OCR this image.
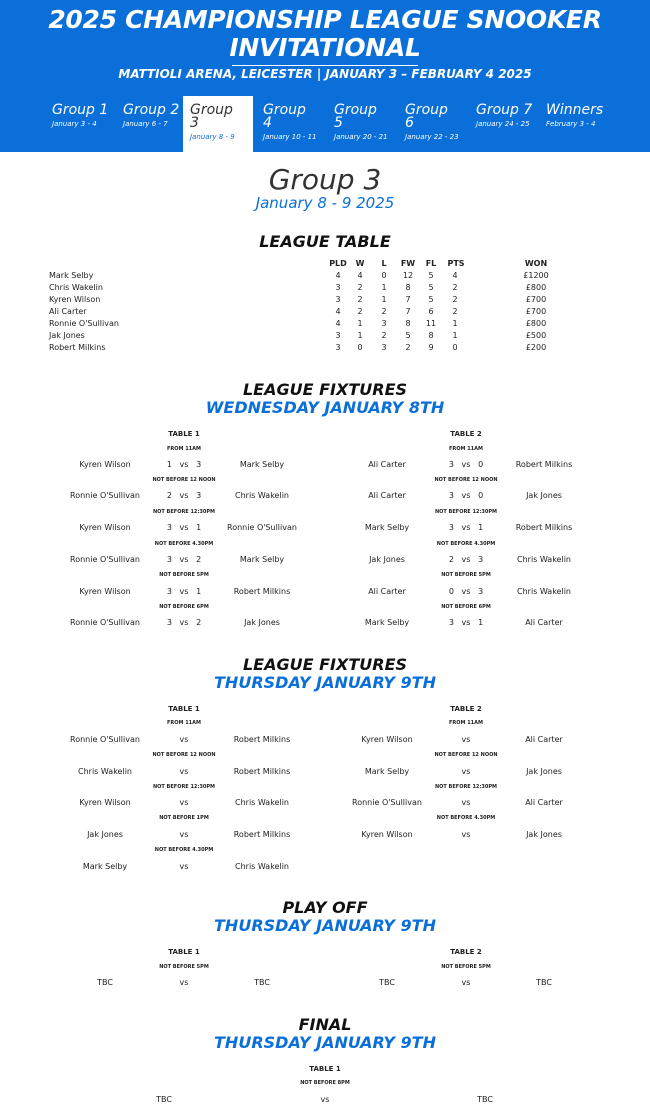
2025 CHAMPIONSHIP LEAGUE SNOOKER
INVITATIONAL
MATTIOLI ARENA, LEICESTER | JANUARY 3 – FEBRUARY 4 2025
Group 1
January 3 - 4
Group 2
January 6 - 7
Group 3
January 8 - 9
Group 4
January 10 - 11
Group 5
January 20 - 21
Group 6
January 22 - 23
Group 7
January 24 - 25
Winners
February 3 - 4
Group 3
January 8 - 9 2025
LEAGUE TABLE
PLD	W	L	FW	FL	PTS	WON
Mark Selby	4	4	0	12	5	4	£1200
Chris Wakelin	3	2	1	8	5	2	£800
Kyren Wilson	3	2	1	7	5	2	£700
Ali Carter	4	2	2	7	6	2	£700
Ronnie O'Sullivan	4	1	3	8	11	1	£800
Jak Jones	3	1	2	5	8	1	£500
Robert Milkins	3	0	3	2	9	0	£200
LEAGUE FIXTURES
WEDNESDAY JANUARY 8TH
TABLE 1	TABLE 2
FROM 11AM
Kyren Wilson	1 vs 3	Mark Selby
NOT BEFORE 12 NOON
Ronnie O'Sullivan	2 vs 3	Chris Wakelin
NOT BEFORE 12:30PM
Kyren Wilson	3 vs 1	Ronnie O'Sullivan
NOT BEFORE 4.30PM
Ronnie O'Sullivan	3 vs 2	Mark Selby
NOT BEFORE 5PM
Kyren Wilson	3 vs 1	Robert Milkins
NOT BEFORE 6PM
Ronnie O'Sullivan	3 vs 2	Jak Jones
FROM 11AM
Ali Carter	3 vs 0	Robert Milkins
NOT BEFORE 12 NOON
Ali Carter	3 vs 0	Jak Jones
NOT BEFORE 12:30PM
Mark Selby	3 vs 1	Robert Milkins
NOT BEFORE 4.30PM
Jak Jones	2 vs 3	Chris Wakelin
NOT BEFORE 5PM
Ali Carter	0 vs 3	Chris Wakelin
NOT BEFORE 6PM
Mark Selby	3 vs 1	Ali Carter
LEAGUE FIXTURES
THURSDAY JANUARY 9TH
TABLE 1	TABLE 2
FROM 11AM
Ronnie O'Sullivan	vs	Robert Milkins
NOT BEFORE 12 NOON
Chris Wakelin	vs	Robert Milkins
NOT BEFORE 12:30PM
Kyren Wilson	vs	Chris Wakelin
NOT BEFORE 1PM
Jak Jones	vs	Robert Milkins
NOT BEFORE 4.30PM
Mark Selby	vs	Chris Wakelin
FROM 11AM
Kyren Wilson	vs	Ali Carter
NOT BEFORE 12 NOON
Mark Selby	vs	Jak Jones
NOT BEFORE 12:30PM
Ronnie O'Sullivan	vs	Ali Carter
NOT BEFORE 4.30PM
Kyren Wilson	vs	Jak Jones
PLAY OFF
THURSDAY JANUARY 9TH
TABLE 1	TABLE 2
NOT BEFORE 5PM	NOT BEFORE 5PM
TBC	vs	TBC	TBC	vs	TBC
FINAL
THURSDAY JANUARY 9TH
TABLE 1
NOT BEFORE 8PM
TBC	vs	TBC
